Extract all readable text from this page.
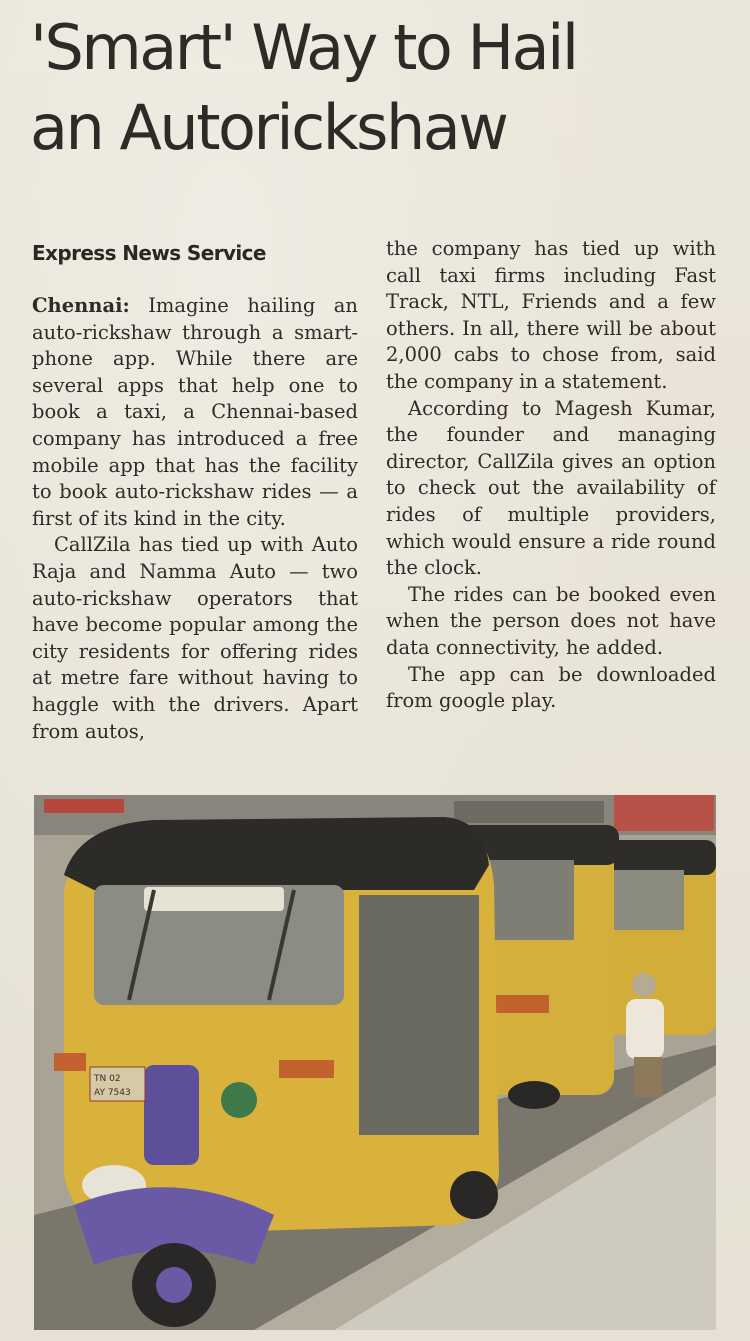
'Smart' Way to Hail
an Autorickshaw
Express News Service

Chennai: Imagine hailing an auto-rickshaw through a smart-phone app. While there are several apps that help one to book a taxi, a Chennai-based company has introduced a free mobile app that has the facility to book auto-rickshaw rides — a first of its kind in the city.

CallZila has tied up with Auto Raja and Namma Auto — two auto-rickshaw operators that have become popular among the city residents for offering rides at metre fare without having to haggle with the drivers. Apart from autos,

the company has tied up with call taxi firms including Fast Track, NTL, Friends and a few others. In all, there will be about 2,000 cabs to chose from, said the company in a statement.

According to Magesh Kumar, the founder and managing director, CallZila gives an option to check out the availability of rides of multiple providers, which would ensure a ride round the clock.

The rides can be booked even when the person does not have data connectivity, he added.

The app can be downloaded from google play.

TN 02
AY 7543
